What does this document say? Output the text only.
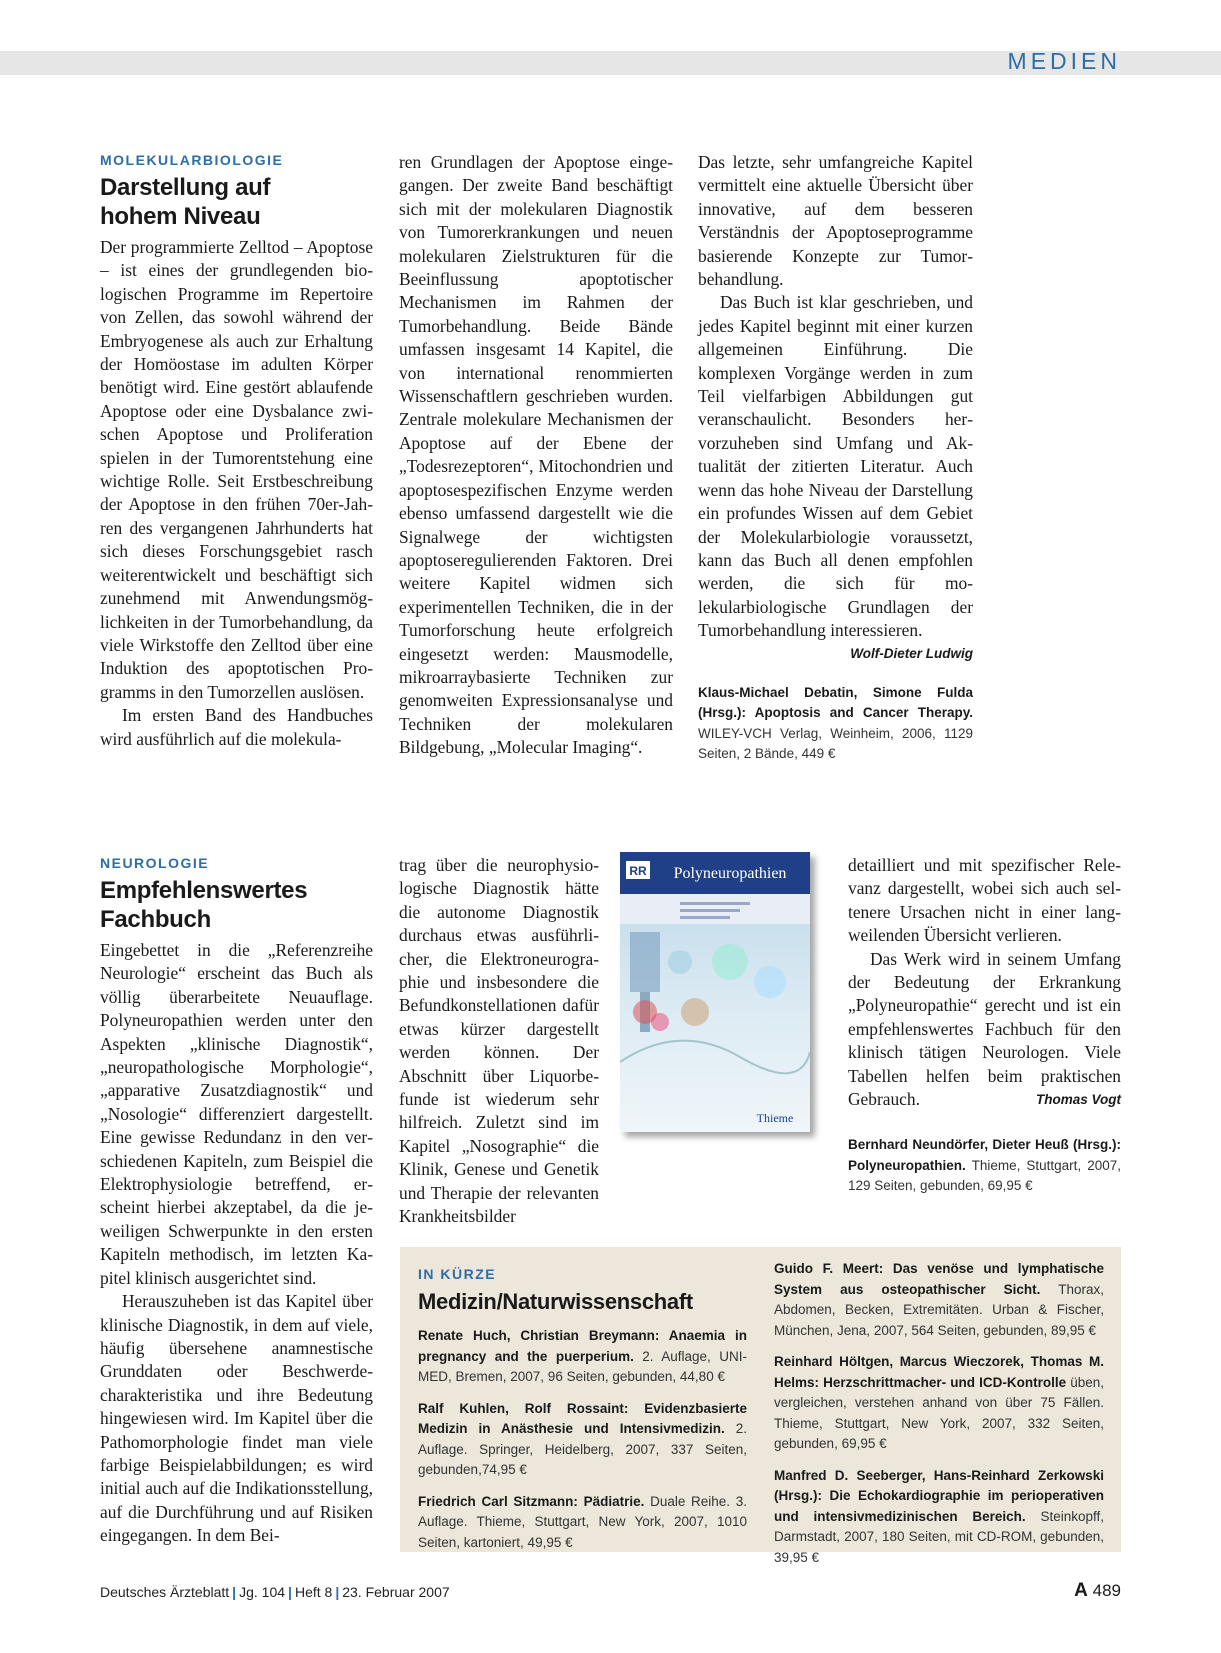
MEDIEN
MOLEKULARBIOLOGIE
Darstellung auf
hohem Niveau

Der programmierte Zelltod – Apoptose – ist eines der grundlegenden biologischen Programme im Repertoire von Zellen, das sowohl während der Embryogenese als auch zur Erhaltung der Homöostase im adulten Körper benötigt wird. Eine gestört ablaufende Apoptose oder eine Dysbalance zwischen Apoptose und Proliferation spielen in der Tumorentstehung eine wichtige Rolle. Seit Erstbeschreibung der Apoptose in den frühen 70er-Jahren des vergangenen Jahrhunderts hat sich dieses Forschungsgebiet rasch weiterentwickelt und beschäftigt sich zunehmend mit Anwendungsmöglichkeiten in der Tumorbehandlung, da viele Wirkstoffe den Zelltod über eine Induktion des apoptotischen Programms in den Tumorzellen auslösen.

Im ersten Band des Handbuches wird ausführlich auf die molekula-

ren Grundlagen der Apoptose eingegangen. Der zweite Band beschäftigt sich mit der molekularen Diagnostik von Tumorerkrankungen und neuen molekularen Zielstrukturen für die Beeinflussung apoptotischer Mechanismen im Rahmen der Tumorbehandlung. Beide Bände umfassen insgesamt 14 Kapitel, die von international renommierten Wissenschaftlern geschrieben wurden. Zentrale molekulare Mechanismen der Apoptose auf der Ebene der „Todesrezeptoren“, Mitochondrien und apoptosespezifischen Enzyme werden ebenso umfassend dargestellt wie die Signalwege der wichtigsten apoptoseregulierenden Faktoren. Drei weitere Kapitel widmen sich experimentellen Techniken, die in der Tumorforschung heute erfolgreich eingesetzt werden: Mausmodelle, mikroarraybasierte Techniken zur genomweiten Expressionsanalyse und Techniken der molekularen Bildgebung, „Molecular Imaging“.

Das letzte, sehr umfangreiche Kapitel vermittelt eine aktuelle Übersicht über innovative, auf dem besseren Verständnis der Apoptoseprogramme basierende Konzepte zur Tumorbehandlung.

Das Buch ist klar geschrieben, und jedes Kapitel beginnt mit einer kurzen allgemeinen Einführung. Die komplexen Vorgänge werden in zum Teil vielfarbigen Abbildungen gut veranschaulicht. Besonders hervorzuheben sind Umfang und Aktualität der zitierten Literatur. Auch wenn das hohe Niveau der Darstellung ein profundes Wissen auf dem Gebiet der Molekularbiologie voraussetzt, kann das Buch all denen empfohlen werden, die sich für molekularbiologische Grundlagen der Tumorbehandlung interessieren.

Wolf-Dieter Ludwig
Klaus-Michael Debatin, Simone Fulda (Hrsg.): Apoptosis and Cancer Therapy. WILEY-VCH Verlag, Weinheim, 2006, 1129 Seiten, 2 Bände, 449 €
NEUROLOGIE
Empfehlenswertes
Fachbuch

Eingebettet in die „Referenzreihe Neurologie“ erscheint das Buch als völlig überarbeitete Neuauflage. Polyneuropathien werden unter den Aspekten „klinische Diagnostik“, „neuropathologische Morphologie“, „apparative Zusatzdiagnostik“ und „Nosologie“ differenziert dargestellt. Eine gewisse Redundanz in den verschiedenen Kapiteln, zum Beispiel die Elektrophysiologie betreffend, erscheint hierbei akzeptabel, da die jeweiligen Schwerpunkte in den ersten Kapiteln methodisch, im letzten Kapitel klinisch ausgerichtet sind.

Herauszuheben ist das Kapitel über klinische Diagnostik, in dem auf viele, häufig übersehene anamnestische Grunddaten oder Beschwerdecharakteristika und ihre Bedeutung hingewiesen wird. Im Kapitel über die Pathomorphologie findet man viele farbige Beispielabbildungen; es wird initial auch auf die Indikationsstellung, auf die Durchführung und auf Risiken eingegangen. In dem Bei-

trag über die neurophysiologische Diagnostik hätte die autonome Diagnostik durchaus etwas ausführlicher, die Elektroneurographie und insbesondere die Befundkonstellationen dafür etwas kürzer dargestellt werden können. Der Abschnitt über Liquorbefunde ist wiederum sehr hilfreich. Zuletzt sind im Kapitel „Nosographie“ die Klinik, Genese und Genetik und Therapie der relevanten Krankheitsbilder

RR Polyneuropathien
Thieme

detailliert und mit spezifischer Relevanz dargestellt, wobei sich auch seltenere Ursachen nicht in einer langweilenden Übersicht verlieren.

Das Werk wird in seinem Umfang der Bedeutung der Erkrankung „Polyneuropathie“ gerecht und ist ein empfehlenswertes Fachbuch für den klinisch tätigen Neurologen. Viele Tabellen helfen beim praktischen Gebrauch.	Thomas Vogt

Bernhard Neundörfer, Dieter Heuß (Hrsg.): Polyneuropathien. Thieme, Stuttgart, 2007, 129 Seiten, gebunden, 69,95 €
IN KÜRZE
Medizin/Naturwissenschaft
Renate Huch, Christian Breymann: Anaemia in pregnancy and the puerperium. 2. Auflage, UNI-MED, Bremen, 2007, 96 Seiten, gebunden, 44,80 €
Ralf Kuhlen, Rolf Rossaint: Evidenzbasierte Medizin in Anästhesie und Intensivmedizin. 2. Auflage. Springer, Heidelberg, 2007, 337 Seiten, gebunden,74,95 €
Friedrich Carl Sitzmann: Pädiatrie. Duale Reihe. 3. Auflage. Thieme, Stuttgart, New York, 2007, 1010 Seiten, kartoniert, 49,95 €
Guido F. Meert: Das venöse und lymphatische System aus osteopathischer Sicht. Thorax, Abdomen, Becken, Extremitäten. Urban & Fischer, München, Jena, 2007, 564 Seiten, gebunden, 89,95 €
Reinhard Höltgen, Marcus Wieczorek, Thomas M. Helms: Herzschrittmacher- und ICD-Kontrolle üben, vergleichen, verstehen anhand von über 75 Fällen. Thieme, Stuttgart, New York, 2007, 332 Seiten, gebunden, 69,95 €
Manfred D. Seeberger, Hans-Reinhard Zerkowski (Hrsg.): Die Echokardiographie im perioperativen und intensivmedizinischen Bereich. Steinkopff, Darmstadt, 2007, 180 Seiten, mit CD-ROM, gebunden, 39,95 €
Deutsches Ärzteblatt | Jg. 104 | Heft 8 | 23. Februar 2007	A 489
